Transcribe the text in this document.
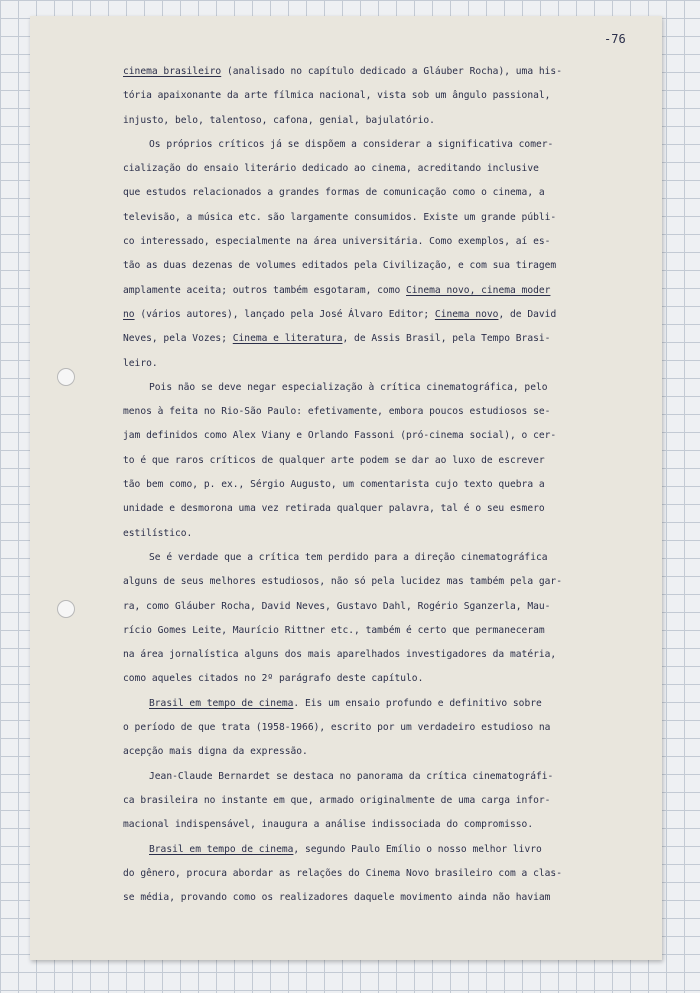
-76
cinema brasileiro (analisado no capítulo dedicado a Gláuber Rocha), uma his-
tória apaixonante da arte fílmica nacional, vista sob um ângulo passional,
injusto, belo, talentoso, cafona, genial, bajulatório.
Os próprios críticos já se dispõem a considerar a significativa comer-
cialização do ensaio literário dedicado ao cinema, acreditando inclusive
que estudos relacionados a grandes formas de comunicação como o cinema, a
televisão, a música etc. são largamente consumidos. Existe um grande públi-
co interessado, especialmente na área universitária. Como exemplos, aí es-
tão as duas dezenas de volumes editados pela Civilização, e com sua tiragem
amplamente aceita; outros também esgotaram, como Cinema novo, cinema moder
no (vários autores), lançado pela José Álvaro Editor; Cinema novo, de David
Neves, pela Vozes; Cinema e literatura, de Assis Brasil, pela Tempo Brasi-
leiro.
Pois não se deve negar especialização à crítica cinematográfica, pelo
menos à feita no Rio-São Paulo: efetivamente, embora poucos estudiosos se-
jam definidos como Alex Viany e Orlando Fassoni (pró-cinema social), o cer-
to é que raros críticos de qualquer arte podem se dar ao luxo de escrever
tão bem como, p. ex., Sérgio Augusto, um comentarista cujo texto quebra a
unidade e desmorona uma vez retirada qualquer palavra, tal é o seu esmero
estilístico.
Se é verdade que a crítica tem perdido para a direção cinematográfica
alguns de seus melhores estudiosos, não só pela lucidez mas também pela gar-
ra, como Gláuber Rocha, David Neves, Gustavo Dahl, Rogério Sganzerla, Mau-
rício Gomes Leite, Maurício Rittner etc., também é certo que permaneceram
na área jornalística alguns dos mais aparelhados investigadores da matéria,
como aqueles citados no 2º parágrafo deste capítulo.
Brasil em tempo de cinema. Eis um ensaio profundo e definitivo sobre
o período de que trata (1958-1966), escrito por um verdadeiro estudioso na
acepção mais digna da expressão.
Jean-Claude Bernardet se destaca no panorama da crítica cinematográfi-
ca brasileira no instante em que, armado originalmente de uma carga infor-
macional indispensável, inaugura a análise indissociada do compromisso.
Brasil em tempo de cinema, segundo Paulo Emílio o nosso melhor livro
do gênero, procura abordar as relações do Cinema Novo brasileiro com a clas-
se média, provando como os realizadores daquele movimento ainda não haviam
